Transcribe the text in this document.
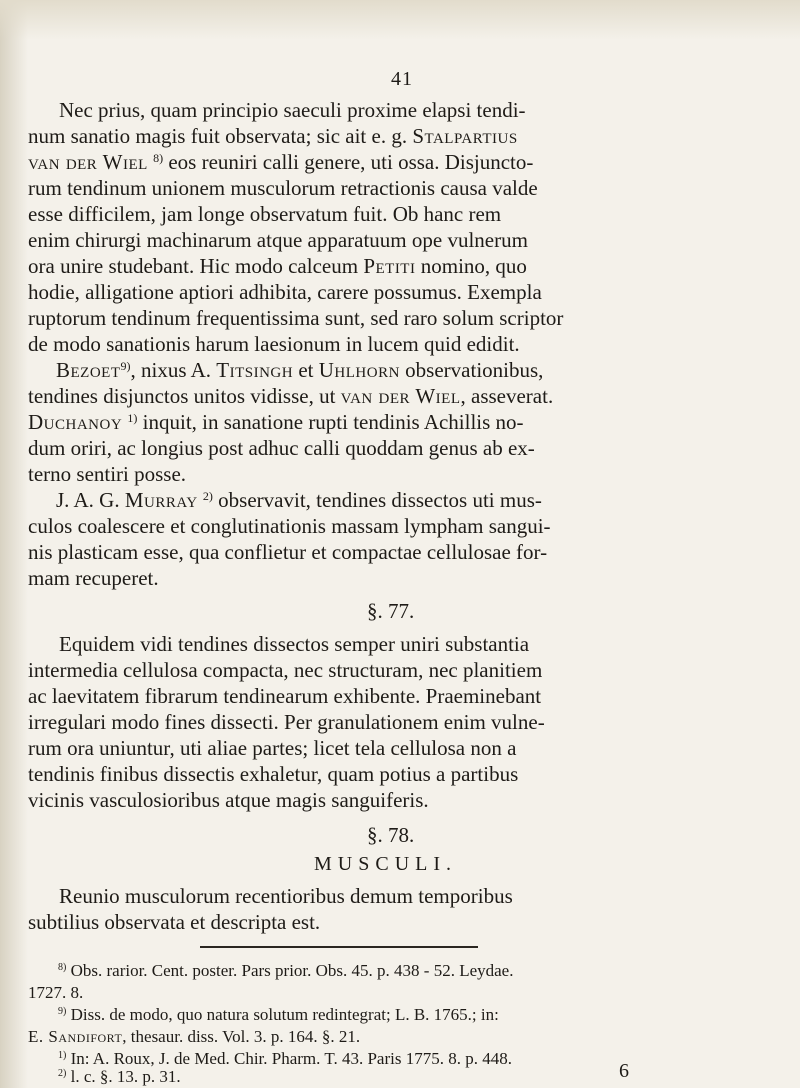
41
Nec prius, quam principio saeculi proxime elapsi tendi-
num sanatio magis fuit observata; sic ait e. g. Stalpartius
van der Wiel $^{8)}$ eos reuniri calli genere, uti ossa. Disjuncto-
rum tendinum unionem musculorum retractionis causa valde
esse difficilem, jam longe observatum fuit. Ob hanc rem
enim chirurgi machinarum atque apparatuum ope vulnerum
ora unire studebant. Hic modo calceum Petiti nomino, quo
hodie, alligatione aptiori adhibita, carere possumus. Exempla
ruptorum tendinum frequentissima sunt, sed raro solum scriptor
de modo sanationis harum laesionum in lucem quid edidit.
Bezoet$^{9)}$, nixus A. Titsingh et Uhlhorn observationibus,
tendines disjunctos unitos vidisse, ut van der Wiel, asseverat.
Duchanoy $^{1)}$ inquit, in sanatione rupti tendinis Achillis no-
dum oriri, ac longius post adhuc calli quoddam genus ab ex-
terno sentiri posse.
J. A. G. Murray $^{2)}$ observavit, tendines dissectos uti mus-
culos coalescere et conglutinationis massam lympham sangui-
nis plasticam esse, qua conflietur et compactae cellulosae for-
mam recuperet.
§. 77.
Equidem vidi tendines dissectos semper uniri substantia
intermedia cellulosa compacta, nec structuram, nec planitiem
ac laevitatem fibrarum tendinearum exhibente. Praeminebant
irregulari modo fines dissecti. Per granulationem enim vulne-
rum ora uniuntur, uti aliae partes; licet tela cellulosa non a
tendinis finibus dissectis exhaletur, quam potius a partibus
vicinis vasculosioribus atque magis sanguiferis.
§. 78.
MUSCULI.
Reunio musculorum recentioribus demum temporibus
subtilius observata et descripta est.
$^{8)}$ Obs. rarior. Cent. poster. Pars prior. Obs. 45. p. 438 - 52. Leydae.
1727. 8.
$^{9)}$ Diss. de modo, quo natura solutum redintegrat; L. B. 1765.; in:
E. Sandifort, thesaur. diss. Vol. 3. p. 164. §. 21.
$^{1)}$ In: A. Roux, J. de Med. Chir. Pharm. T. 43. Paris 1775. 8. p. 448.
$^{2)}$ l. c. §. 13. p. 31.	6
